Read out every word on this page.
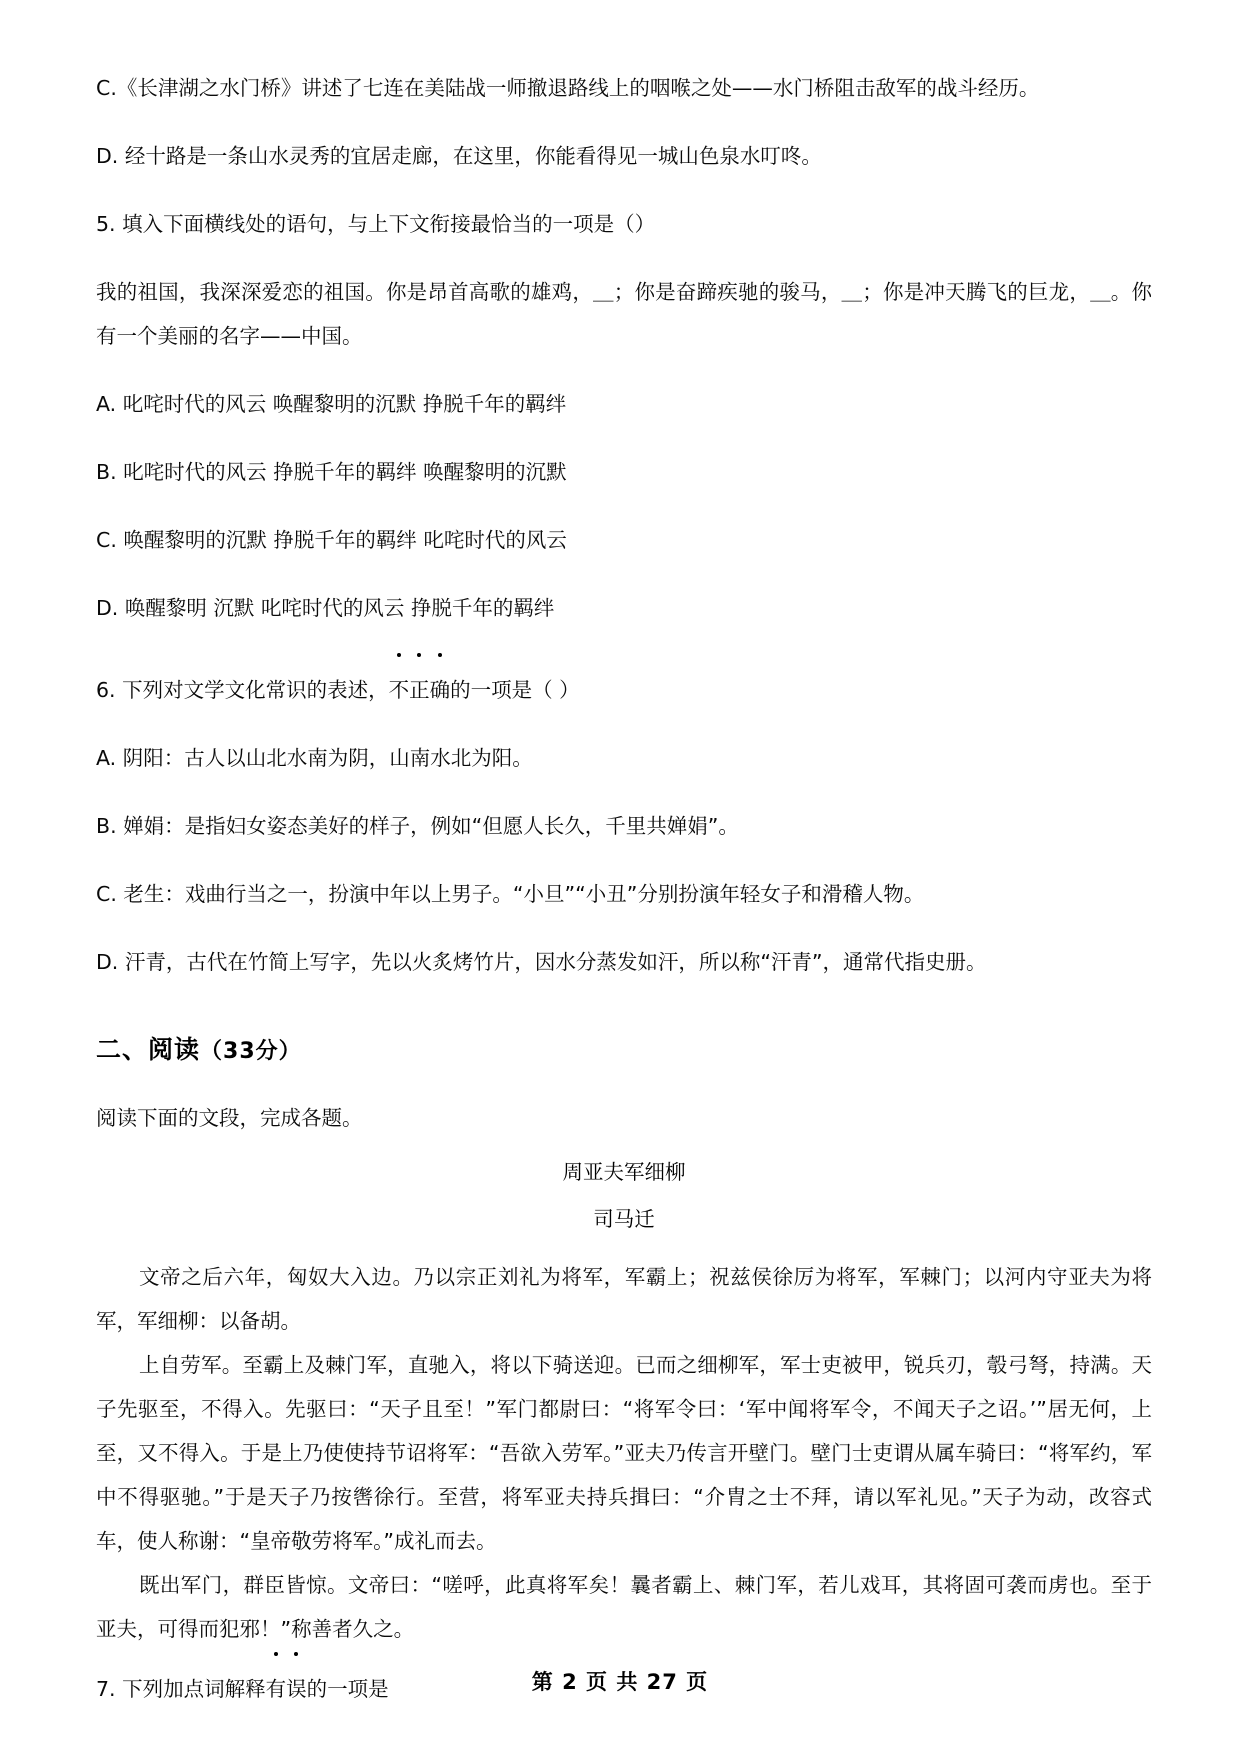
C.《长津湖之水门桥》讲述了七连在美陆战一师撤退路线上的咽喉之处——水门桥阻击敌军的战斗经历。
D. 经十路是一条山水灵秀的宜居走廊，在这里，你能看得见一城山色泉水叮咚。
5. 填入下面横线处的语句，与上下文衔接最恰当的一项是（）
我的祖国，我深深爱恋的祖国。你是昂首高歌的雄鸡，＿；你是奋蹄疾驰的骏马，＿；你是冲天腾飞的巨龙，＿。你有一个美丽的名字——中国。
A. 叱咤时代的风云 唤醒黎明的沉默 挣脱千年的羁绊
B. 叱咤时代的风云 挣脱千年的羁绊 唤醒黎明的沉默
C. 唤醒黎明的沉默 挣脱千年的羁绊 叱咤时代的风云
D. 唤醒黎明 沉默 叱咤时代的风云 挣脱千年的羁绊
6. 下列对文学文化常识的表述，
不正确的一项是（ ）
A. 阴阳：古人以山北水南为阴，山南水北为阳。
B. 婵娟：是指妇女姿态美好的样子，例如“但愿人长久，千里共婵娟”。
C. 老生：戏曲行当之一，扮演中年以上男子。“小旦”“小丑”分别扮演年轻女子和滑稽人物。
D. 汗青，古代在竹简上写字，先以火炙烤竹片，因水分蒸发如汗，所以称“汗青”，通常代指史册。
二、阅读（33分）
阅读下面的文段，完成各题。
周亚夫军细柳
司马迁
文帝之后六年，匈奴大入边。乃以宗正刘礼为将军，军霸上；祝兹侯徐厉为将军，军棘门；以河内守亚夫为将军，军细柳：以备胡。
上自劳军。至霸上及棘门军，直驰入，将以下骑送迎。已而之细柳军，军士吏被甲，锐兵刃，彀弓弩，持满。天子先驱至，不得入。先驱曰：“天子且至！”军门都尉曰：“将军令曰：‘军中闻将军令，不闻天子之诏。’”居无何，上至，又不得入。于是上乃使使持节诏将军：“吾欲入劳军。”亚夫乃传言开壁门。壁门士吏谓从属车骑曰：“将军约，军中不得驱驰。”于是天子乃按辔徐行。至营，将军亚夫持兵揖曰：“介胄之士不拜，请以军礼见。”天子为动，改容式车，使人称谢：“皇帝敬劳将军。”成礼而去。
既出军门，群臣皆惊。文帝曰：“嗟呼，此真将军矣！曩者霸上、棘门军，若儿戏耳，其将固可袭而虏也。至于亚夫，可得而犯邪！”称善者久之。
7. 下列加点词解释
有误的一项是	第 2 页 共 27 页
